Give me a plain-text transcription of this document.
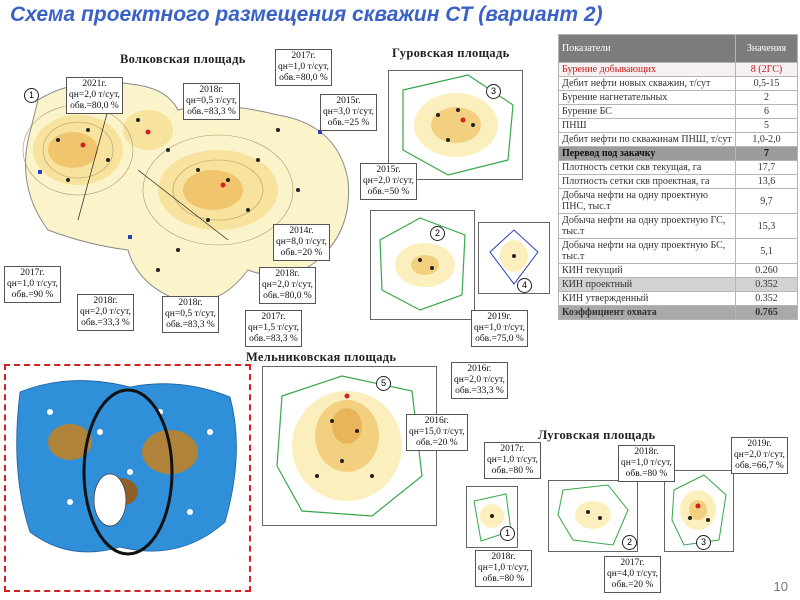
Схема проектного размещения скважин СТ (вариант 2)
1
Волковская площадь
3
Гуровская площадь
2
4
5
Мельниковская площадь
Луговская площадь
1
2	3
2021г.
qн=2,0 т/сут,
обв.=80,0 %
2017г.
qн=1,0 т/сут,
обв.=80,0 %
2018г.
qн=0,5 т/сут,
обв.=83,3 %
2015г.
qн=3,0 т/сут,
обв.=25 %
2015г.
qн=2,0 т/сут,
обв.=50 %
2014г.
qн=8,0 т/сут,
обв.=20 %
2018г.
qн=2,0 т/сут,
обв.=80,0 %
2017г.
qн=1,5 т/сут,
обв.=83,3 %
2018г.
qн=0,5 т/сут,
обв.=83,3 %
2018г.
qн=2,0 т/сут,
обв.=33,3 %
2017г.
qн=1,0 т/сут,
обв.=90 %
2019г.
qн=1,0 т/сут,
обв.=75,0 %
2016г.
qн=2,0 т/сут,
обв.=33,3 %
2016г.
qн=15,0 т/сут,
обв.=20 %
2017г.
qн=1,0 т/сут,
обв.=80 %
2018г.
qн=1,0 т/сут,
обв.=80 %
2019г.
qн=2,0 т/сут,
обв.=66,7 %
2018г.
qн=1,0 т/сут,
обв.=80 %
2017г.
qн=4,0 т/сут,
обв.=20 %
Показатели	Значения
Бурение добывающих	8 (2ГС)
Дебит нефти новых скважин, т/сут	0,5-15
Бурение нагнетательных	2
Бурение БС	6
ПНШ	5
Дебит нефти по скважинам ПНШ, т/сут	1,0-2,0
Перевод под закачку	7
Плотность сетки скв текущая, га	17,7
Плотность сетки скв проектная, га	13,6
Добыча нефти на одну проектную ПНС, тыс.т	9,7
Добыча нефти на одну проектную ГС, тыс.т	15,3
Добыча нефти на одну проектную БС, тыс.т	5,1
КИН текущий	0.260
КИН проектный	0.352
КИН утвержденный	0.352
Коэффициент охвата	0.765
10
